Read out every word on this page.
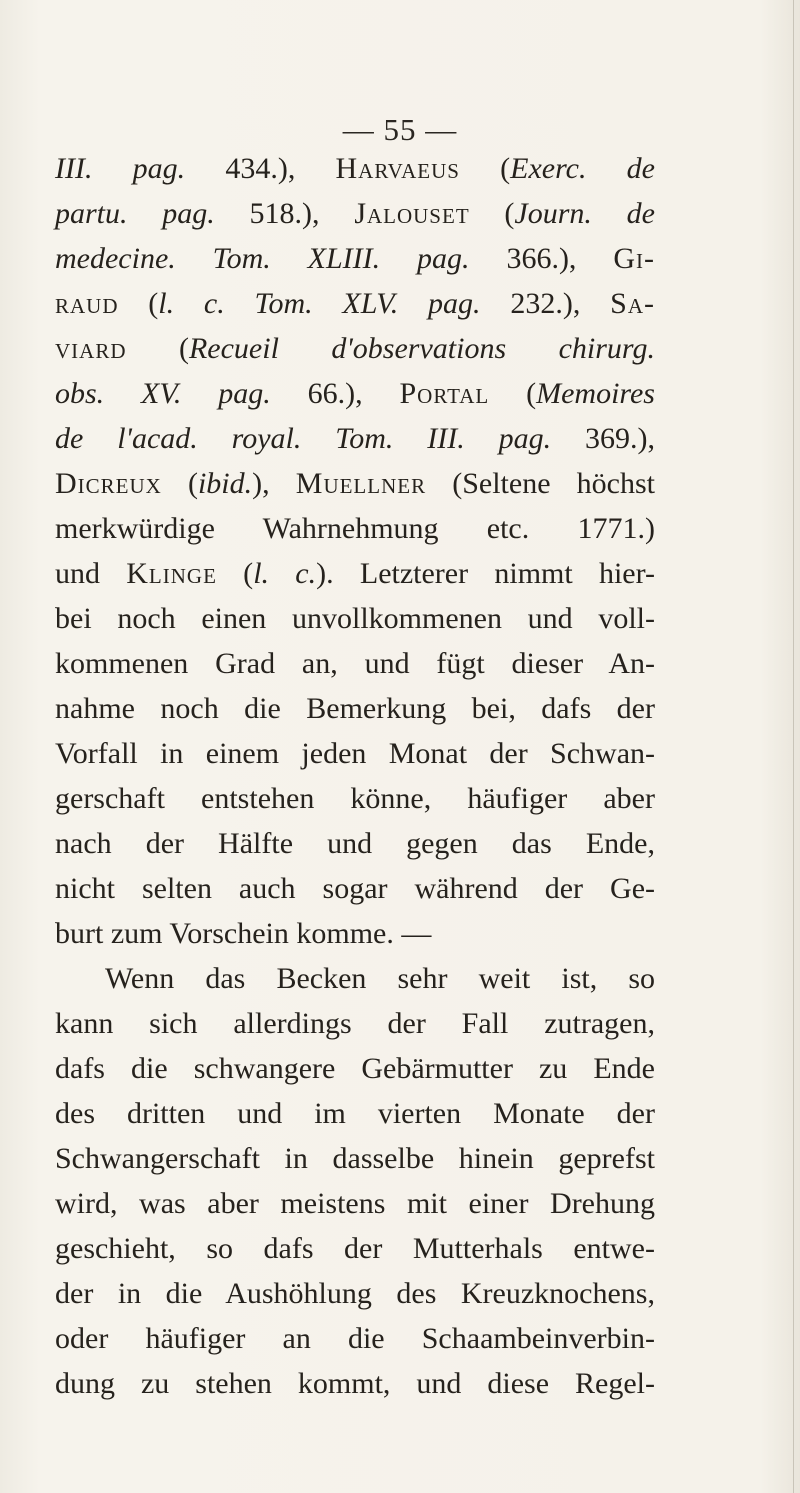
— 55 —
III. pag. 434.), Harvaeus (Exerc. de
partu. pag. 518.), Jalouset (Journ. de
medecine. Tom. XLIII. pag. 366.), Gi-
raud (l. c. Tom. XLV. pag. 232.), Sa-
viard (Recueil d'observations chirurg.
obs. XV. pag. 66.), Portal (Memoires
de l'acad. royal. Tom. III. pag. 369.),
Dicreux (ibid.), Muellner (Seltene höchst
merkwürdige Wahrnehmung etc. 1771.)
und Klinge (l. c.). Letzterer nimmt hier-
bei noch einen unvollkommenen und voll-
kommenen Grad an, und fügt dieser An-
nahme noch die Bemerkung bei, dafs der
Vorfall in einem jeden Monat der Schwan-
gerschaft entstehen könne, häufiger aber
nach der Hälfte und gegen das Ende,
nicht selten auch sogar während der Ge-
burt zum Vorschein komme. —
Wenn das Becken sehr weit ist, so
kann sich allerdings der Fall zutragen,
dafs die schwangere Gebärmutter zu Ende
des dritten und im vierten Monate der
Schwangerschaft in dasselbe hinein geprefst
wird, was aber meistens mit einer Drehung
geschieht, so dafs der Mutterhals entwe-
der in die Aushöhlung des Kreuzknochens,
oder häufiger an die Schaambeinverbin-
dung zu stehen kommt, und diese Regel-
